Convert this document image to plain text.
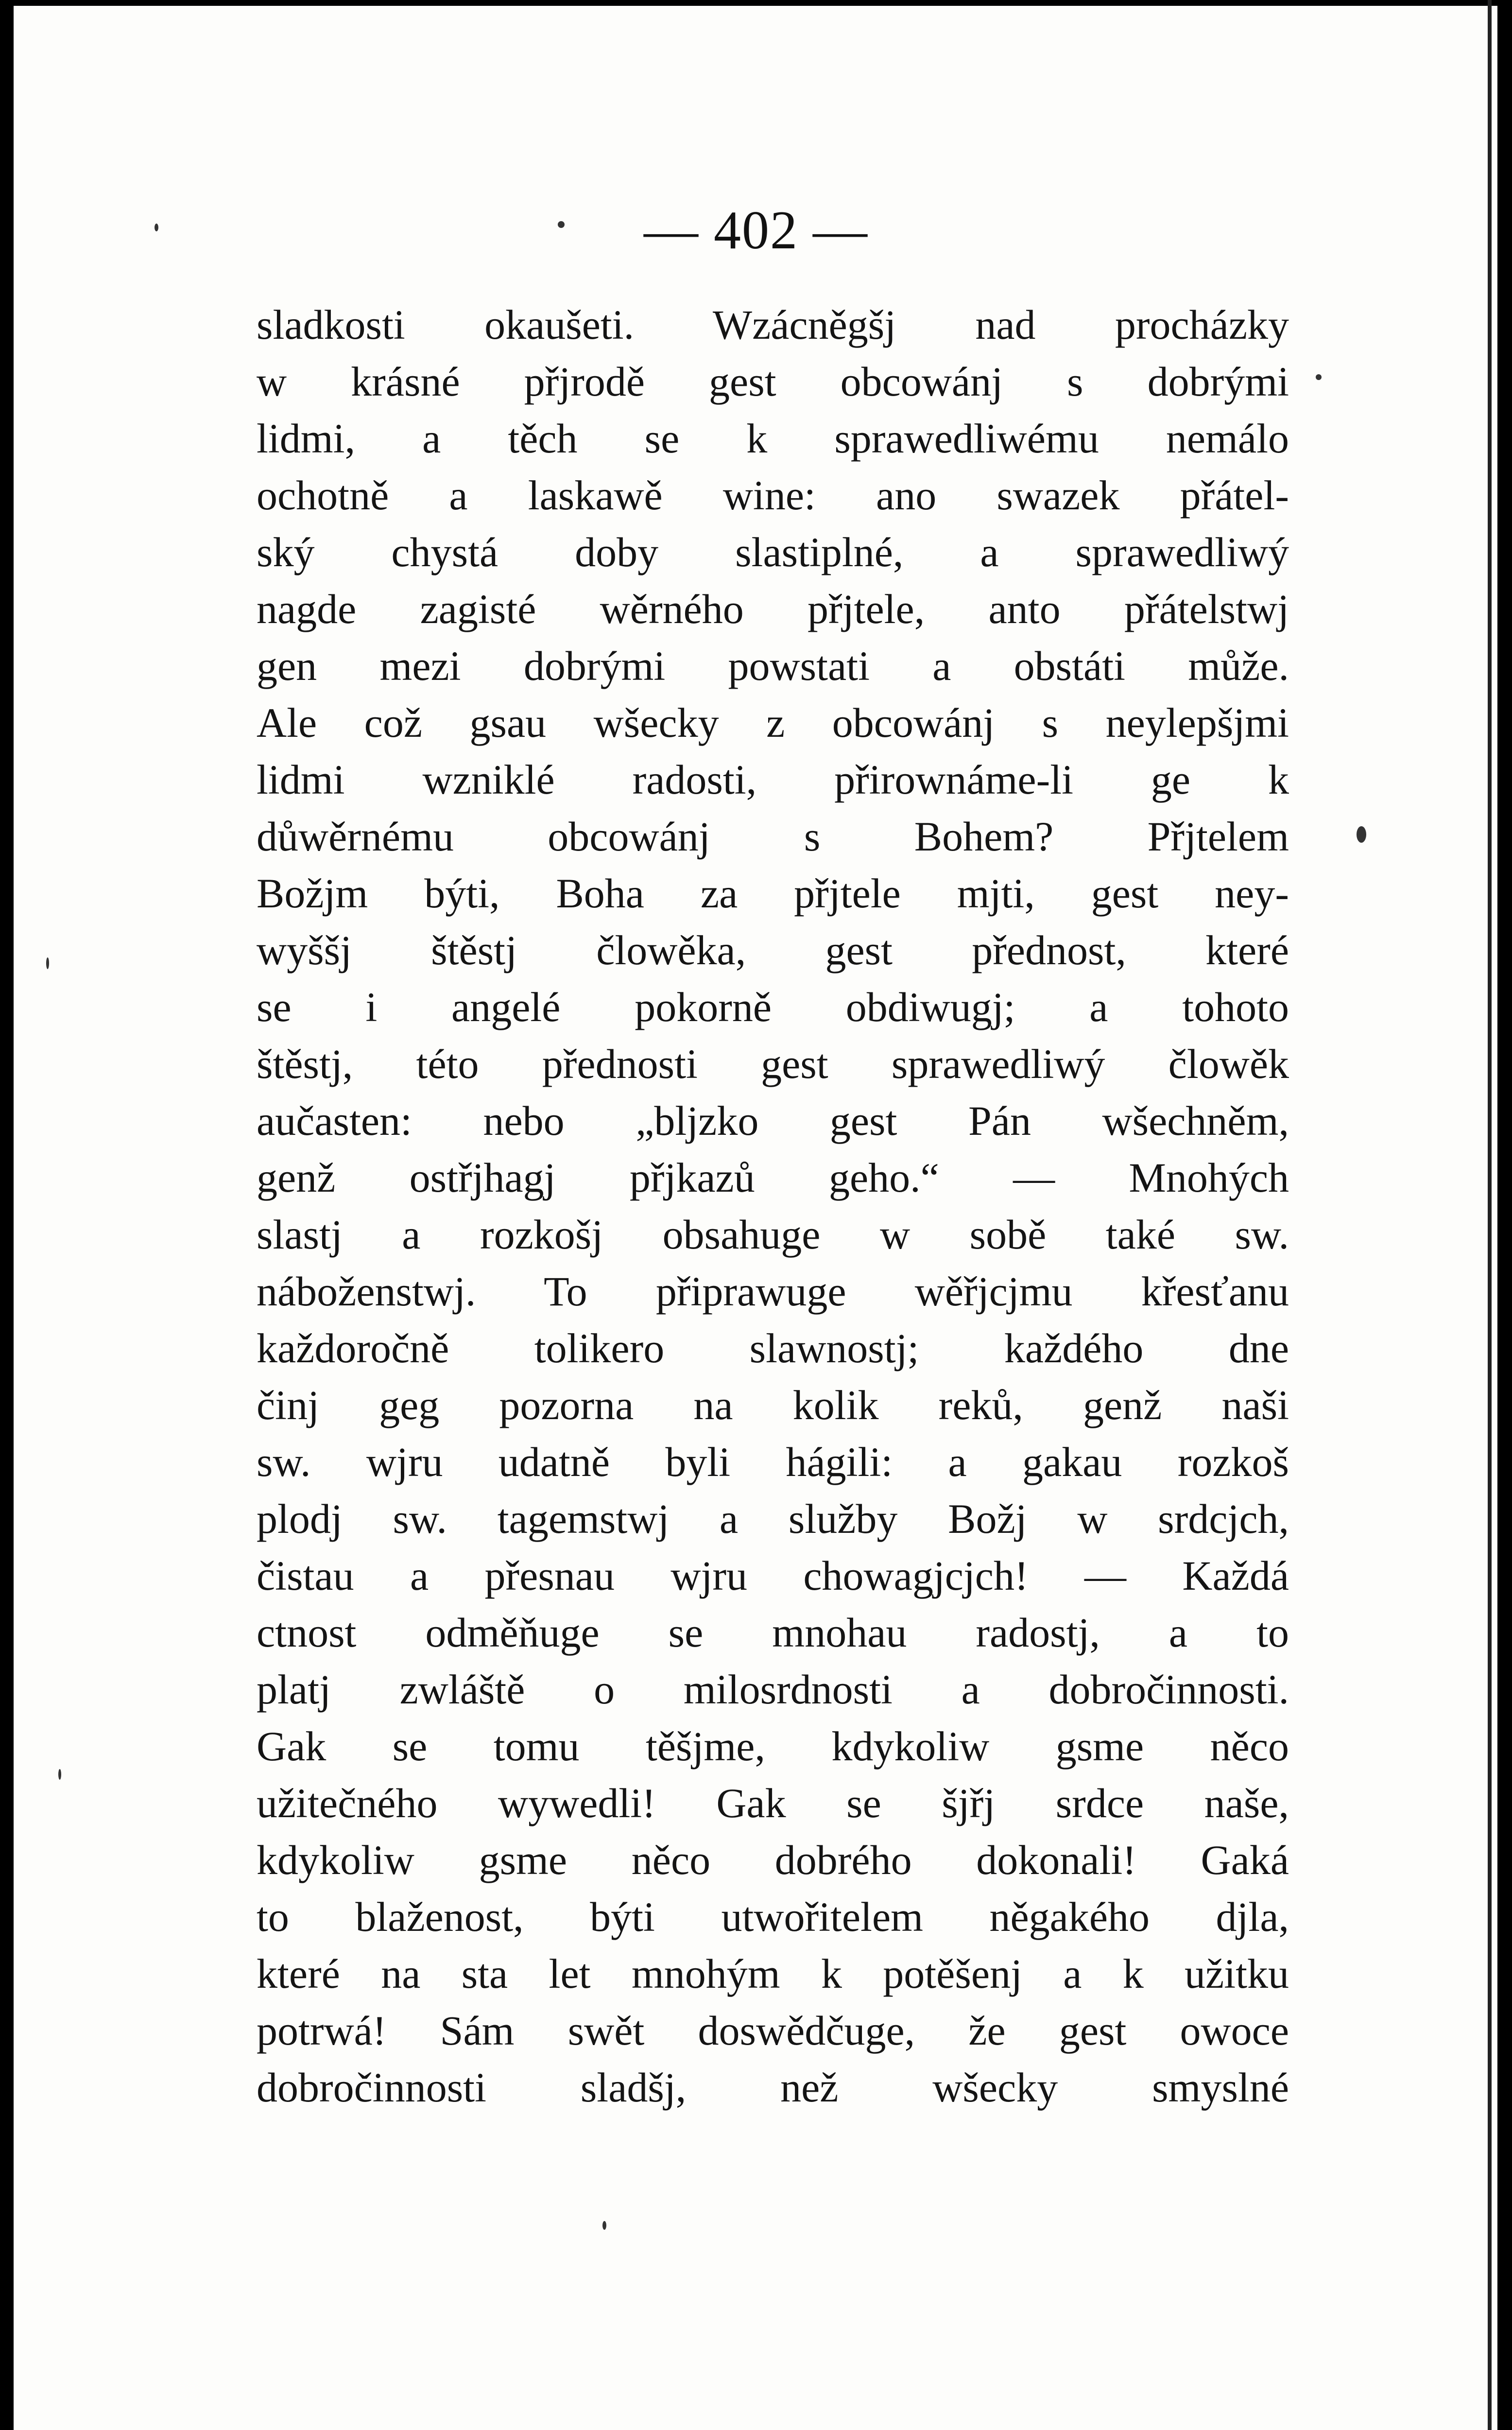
— 402 —
sladkosti okaušeti. Wzácněgšj nad procházky
w krásné přjrodě gest obcowánj s dobrými
lidmi, a těch se k sprawedliwému nemálo
ochotně a laskawě wine: ano swazek přátel-
ský chystá doby slastiplné, a sprawedliwý
nagde zagisté wěrného přjtele, anto přátelstwj
gen mezi dobrými powstati a obstáti může.
Ale což gsau wšecky z obcowánj s neylepšjmi
lidmi wzniklé radosti, přirownáme-li ge k
důwěrnému obcowánj s Bohem? Přjtelem
Božjm býti, Boha za přjtele mjti, gest ney-
wyššj štěstj člowěka, gest přednost, které
se i angelé pokorně obdiwugj; a tohoto
štěstj, této přednosti gest sprawedliwý člowěk
aučasten: nebo „bljzko gest Pán wšechněm,
genž ostřjhagj přjkazů geho.“ — Mnohých
slastj a rozkošj obsahuge w sobě také sw.
náboženstwj. To připrawuge wěřjcjmu křesťanu
každoročně tolikero slawnostj; každého dne
činj geg pozorna na kolik reků, genž naši
sw. wjru udatně byli hágili: a gakau rozkoš
plodj sw. tagemstwj a služby Božj w srdcjch,
čistau a přesnau wjru chowagjcjch! — Každá
ctnost odměňuge se mnohau radostj, a to
platj zwláště o milosrdnosti a dobročinnosti.
Gak se tomu těšjme, kdykoliw gsme něco
užitečného wywedli! Gak se šjřj srdce naše,
kdykoliw gsme něco dobrého dokonali! Gaká
to blaženost, býti utwořitelem něgakého djla,
které na sta let mnohým k potěšenj a k užitku
potrwá! Sám swět doswědčuge, že gest owoce
dobročinnosti sladšj, než wšecky smyslné
